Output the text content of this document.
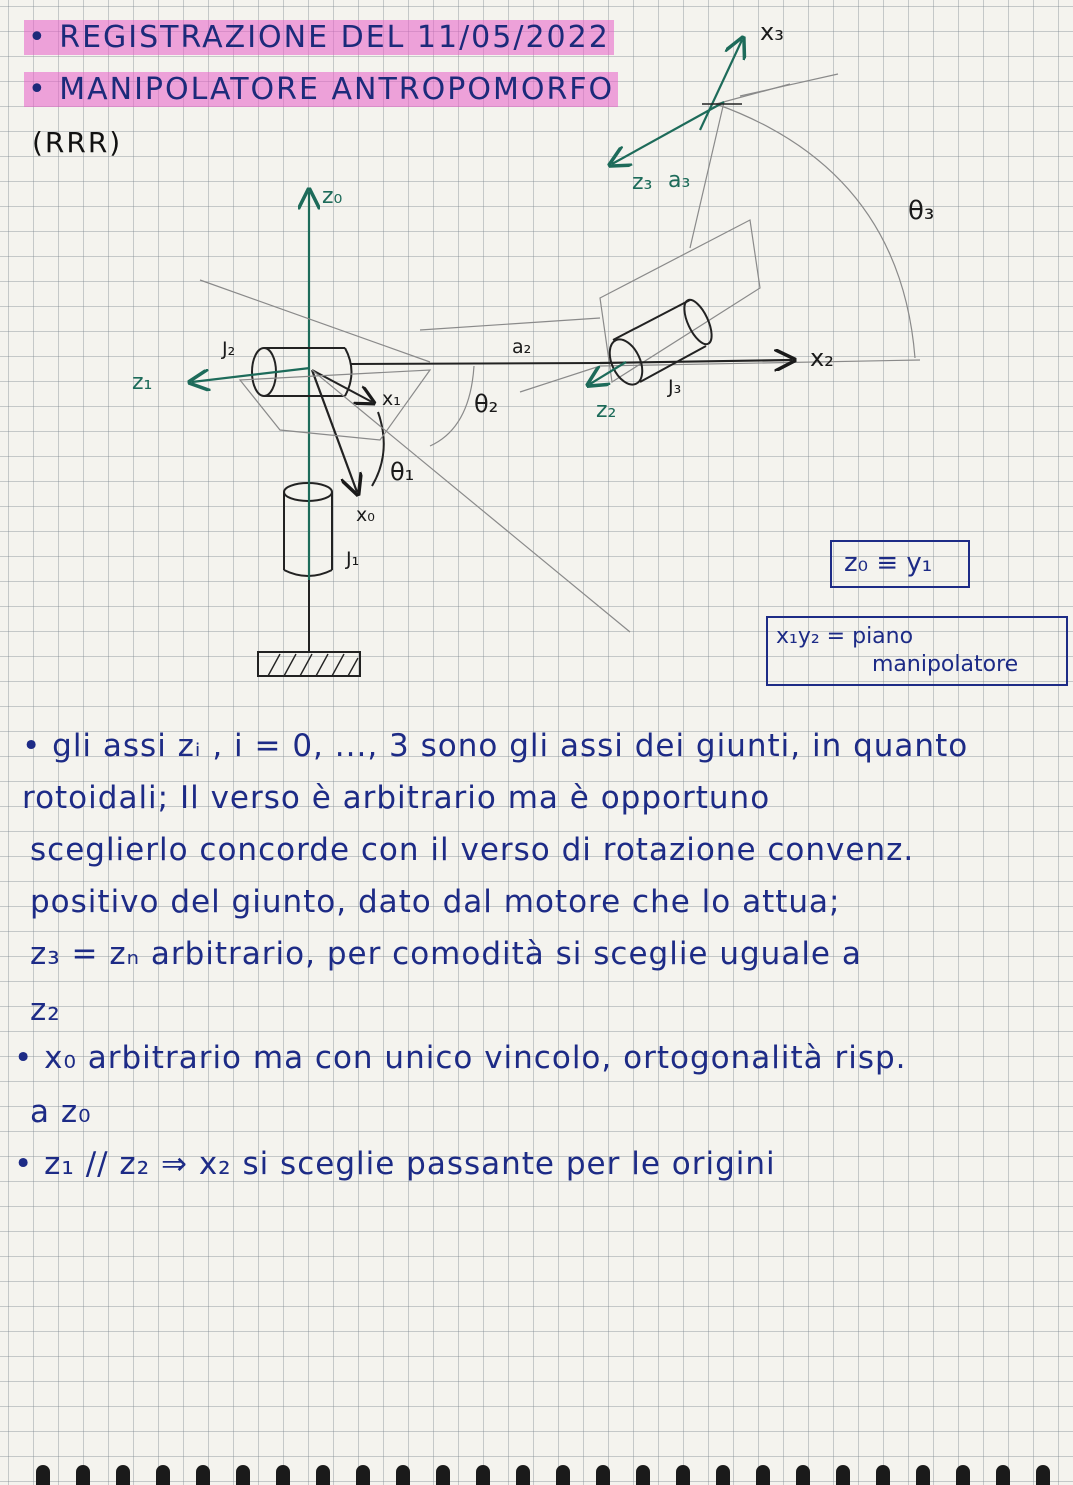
• REGISTRAZIONE DEL 11/05/2022
• MANIPOLATORE ANTROPOMORFO
(RRR)
z₀
J₂
z₁
x₁
θ₁
x₀
J₁
a₂
θ₂	z₂
J₃
x₂
x₃
z₃ a₃
θ₃
z₀ ≡ y₁
x₁y₂ = piano
manipolatore
• gli assi zᵢ , i = 0, ..., 3 sono gli assi dei giunti, in quanto
rotoidali; Il verso è arbitrario ma è opportuno
sceglierlo concorde con il verso di rotazione convenz.
positivo del giunto, dato dal motore che lo attua;
z₃ = zₙ arbitrario, per comodità si sceglie uguale a
z₂
• x₀ arbitrario ma con unico vincolo, ortogonalità risp.
a z₀
• z₁ // z₂ ⇒ x₂ si sceglie passante per le origini
